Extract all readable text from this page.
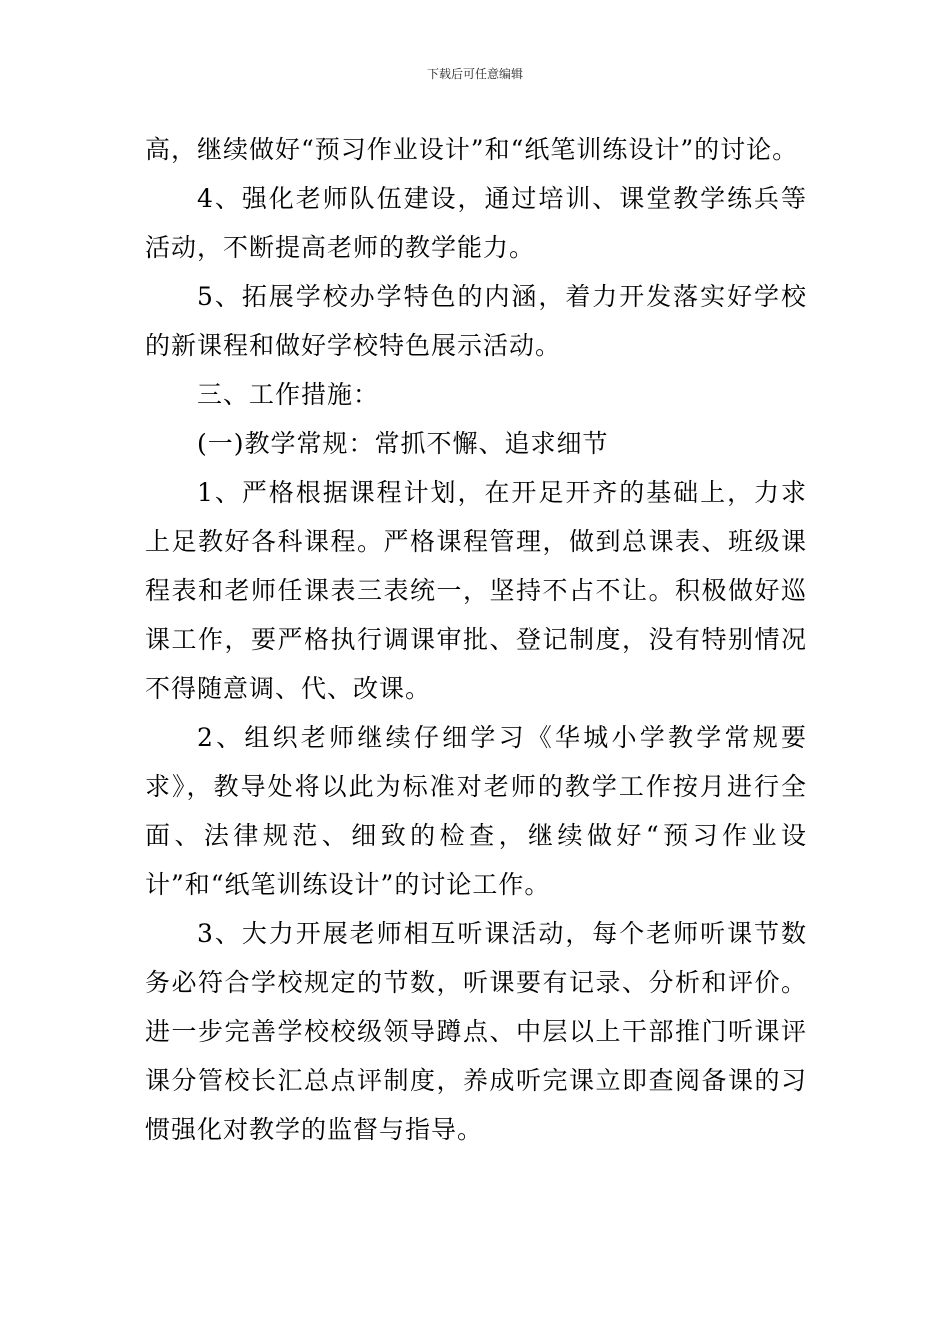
下载后可任意编辑

高，继续做好“预习作业设计”和“纸笔训练设计”的讨论。

4、强化老师队伍建设，通过培训、课堂教学练兵等活动，不断提高老师的教学能力。

5、拓展学校办学特色的内涵，着力开发落实好学校的新课程和做好学校特色展示活动。

三、工作措施：

(一)教学常规：常抓不懈、追求细节

1、严格根据课程计划，在开足开齐的基础上，力求上足教好各科课程。严格课程管理，做到总课表、班级课程表和老师任课表三表统一，坚持不占不让。积极做好巡课工作，要严格执行调课审批、登记制度，没有特别情况不得随意调、代、改课。

2、组织老师继续仔细学习《华城小学教学常规要求》，教导处将以此为标准对老师的教学工作按月进行全面、法律规范、细致的检查，继续做好“预习作业设计”和“纸笔训练设计”的讨论工作。

3、大力开展老师相互听课活动，每个老师听课节数务必符合学校规定的节数，听课要有记录、分析和评价。进一步完善学校校级领导蹲点、中层以上干部推门听课评课分管校长汇总点评制度，养成听完课立即查阅备课的习惯强化对教学的监督与指导。
